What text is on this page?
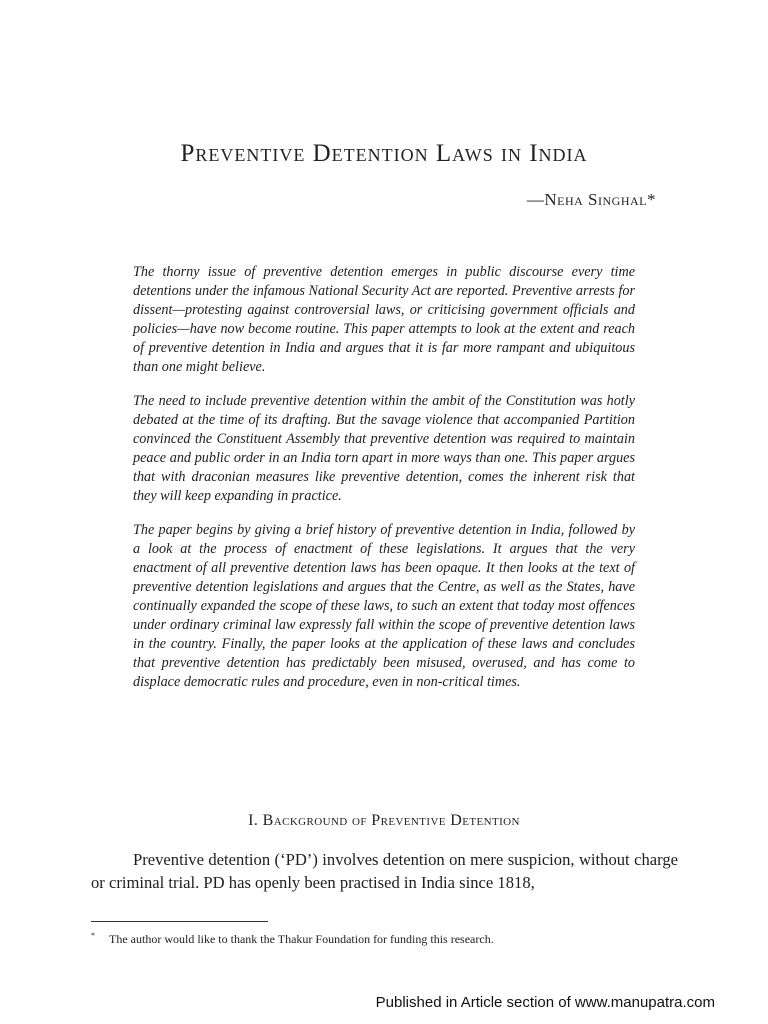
Preventive Detention Laws in India
—Neha Singhal*

The thorny issue of preventive detention emerges in public discourse every time detentions under the infamous National Security Act are reported. Preventive arrests for dissent—protesting against controversial laws, or criticising government officials and policies—have now become routine. This paper attempts to look at the extent and reach of preventive detention in India and argues that it is far more rampant and ubiquitous than one might believe.

The need to include preventive detention within the ambit of the Constitution was hotly debated at the time of its drafting. But the savage violence that accompanied Partition convinced the Constituent Assembly that preventive detention was required to maintain peace and public order in an India torn apart in more ways than one. This paper argues that with draconian measures like preventive detention, comes the inherent risk that they will keep expanding in practice.

The paper begins by giving a brief history of preventive detention in India, followed by a look at the process of enactment of these legislations. It argues that the very enactment of all preventive detention laws has been opaque. It then looks at the text of preventive detention legislations and argues that the Centre, as well as the States, have continually expanded the scope of these laws, to such an extent that today most offences under ordinary criminal law expressly fall within the scope of preventive detention laws in the country. Finally, the paper looks at the application of these laws and concludes that preventive detention has predictably been misused, overused, and has come to displace democratic rules and procedure, even in non-critical times.

I. Background of Preventive Detention

Preventive detention (‘PD’) involves detention on mere suspicion, without charge or criminal trial. PD has openly been practised in India since 1818,

* The author would like to thank the Thakur Foundation for funding this research.
Published in Article section of www.manupatra.com
